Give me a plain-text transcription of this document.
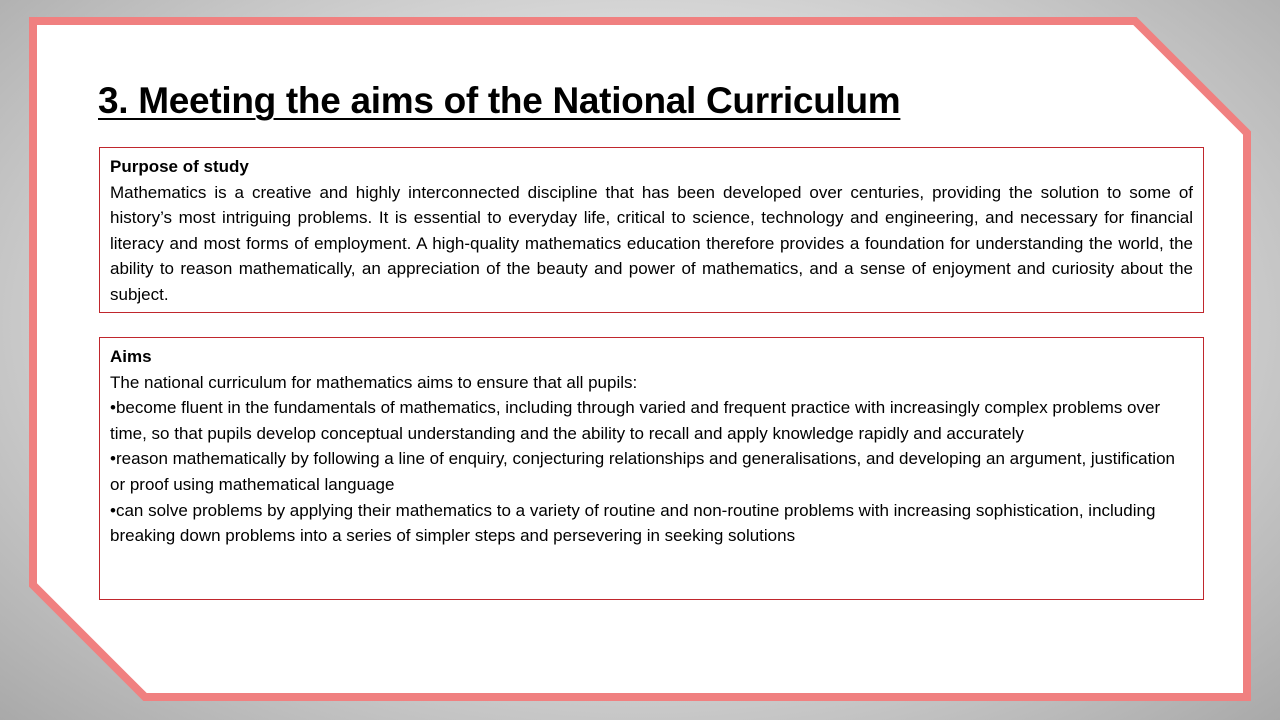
3. Meeting the aims of the National Curriculum
Purpose of study
Mathematics is a creative and highly interconnected discipline that has been developed over centuries, providing the solution to some of history’s most intriguing problems. It is essential to everyday life, critical to science, technology and engineering, and necessary for financial literacy and most forms of employment. A high-quality mathematics education therefore provides a foundation for understanding the world, the ability to reason mathematically, an appreciation of the beauty and power of mathematics, and a sense of enjoyment and curiosity about the subject.
Aims
The national curriculum for mathematics aims to ensure that all pupils:
•become fluent in the fundamentals of mathematics, including through varied and frequent practice with increasingly complex problems over time, so that pupils develop conceptual understanding and the ability to recall and apply knowledge rapidly and accurately
•reason mathematically by following a line of enquiry, conjecturing relationships and generalisations, and developing an argument, justification or proof using mathematical language
•can solve problems by applying their mathematics to a variety of routine and non-routine problems with increasing sophistication, including breaking down problems into a series of simpler steps and persevering in seeking solutions
